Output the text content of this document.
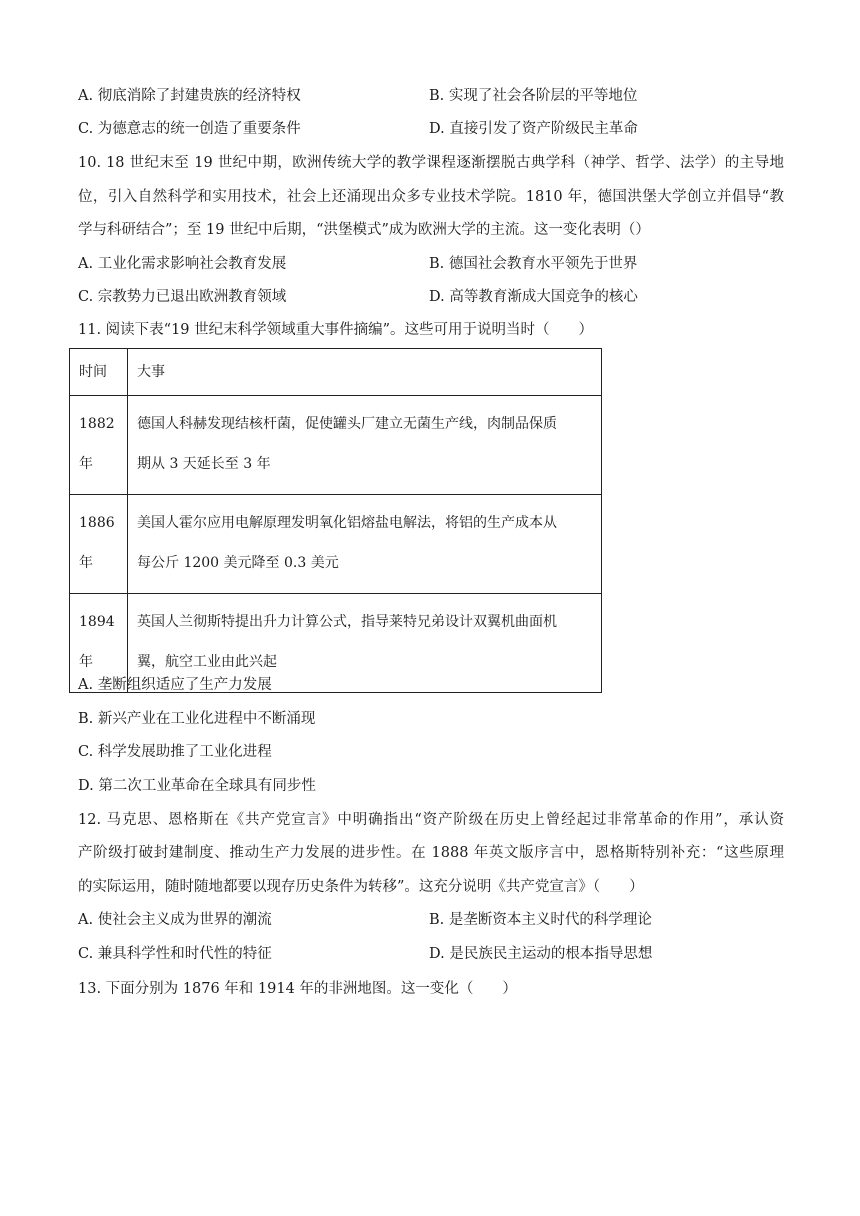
A. 彻底消除了封建贵族的经济特权	B. 实现了社会各阶层的平等地位
C. 为德意志的统一创造了重要条件	D. 直接引发了资产阶级民主革命
10. 18 世纪末至 19 世纪中期，欧洲传统大学的教学课程逐渐摆脱古典学科（神学、哲学、法学）的主导地
位，引入自然科学和实用技术，社会上还涌现出众多专业技术学院。1810 年，德国洪堡大学创立并倡导“教
学与科研结合”；至 19 世纪中后期，“洪堡模式”成为欧洲大学的主流。这一变化表明（）
A. 工业化需求影响社会教育发展	B. 德国社会教育水平领先于世界
C. 宗教势力已退出欧洲教育领域	D. 高等教育渐成大国竞争的核心
11. 阅读下表“19 世纪末科学领域重大事件摘编”。这些可用于说明当时（　　）
时间	大事

1882
年	德国人科赫发现结核杆菌，促使罐头厂建立无菌生产线，肉制品保质
期从 3 天延长至 3 年

1886
年	美国人霍尔应用电解原理发明氧化铝熔盐电解法，将铝的生产成本从
每公斤 1200 美元降至 0.3 美元

1894
年	英国人兰彻斯特提出升力计算公式，指导莱特兄弟设计双翼机曲面机
翼，航空工业由此兴起
A. 垄断组织适应了生产力发展
B. 新兴产业在工业化进程中不断涌现
C. 科学发展助推了工业化进程
D. 第二次工业革命在全球具有同步性
12. 马克思、恩格斯在《共产党宣言》中明确指出“资产阶级在历史上曾经起过非常革命的作用”，承认资
产阶级打破封建制度、推动生产力发展的进步性。在 1888 年英文版序言中，恩格斯特别补充：“这些原理
的实际运用，随时随地都要以现存历史条件为转移”。这充分说明《共产党宣言》（　　）
A. 使社会主义成为世界的潮流	B. 是垄断资本主义时代的科学理论
C. 兼具科学性和时代性的特征	D. 是民族民主运动的根本指导思想
13. 下面分别为 1876 年和 1914 年的非洲地图。这一变化（　　）
